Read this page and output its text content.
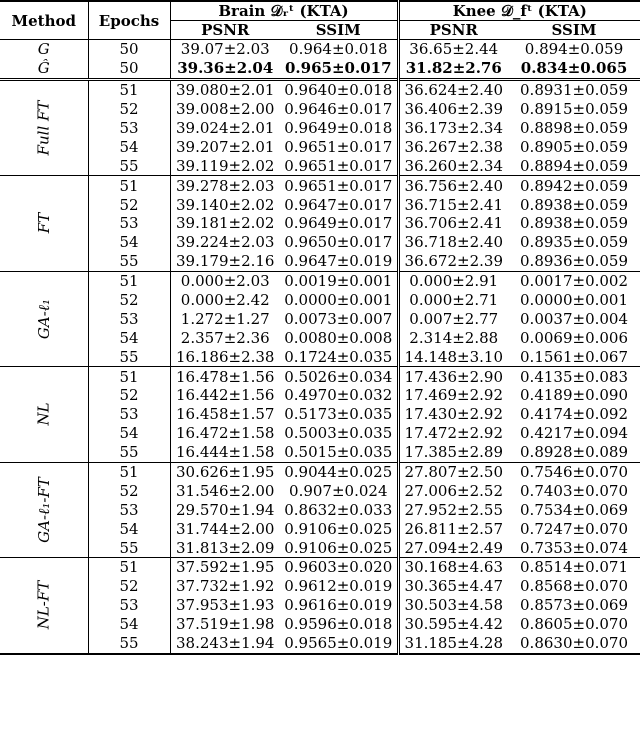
Method	Epochs	Brain 𝒟ᵣᵗ (KTA)		Knee 𝒟_fᵗ (KTA)	
		PSNR	SSIM	PSNR	SSIM
G	50	39.07±2.03	0.964±0.018	36.65±2.44	0.894±0.059
Ĝ	50	39.36±2.04	0.965±0.017	31.82±2.76	0.834±0.065
Full FT	51	39.080±2.01	0.9640±0.018	36.624±2.40	0.8931±0.059
	52	39.008±2.00	0.9646±0.017	36.406±2.39	0.8915±0.059
	53	39.024±2.01	0.9649±0.018	36.173±2.34	0.8898±0.059
	54	39.207±2.01	0.9651±0.017	36.267±2.38	0.8905±0.059
	55	39.119±2.02	0.9651±0.017	36.260±2.34	0.8894±0.059
FT	51	39.278±2.03	0.9651±0.017	36.756±2.40	0.8942±0.059
	52	39.140±2.02	0.9647±0.017	36.715±2.41	0.8938±0.059
	53	39.181±2.02	0.9649±0.017	36.706±2.41	0.8938±0.059
	54	39.224±2.03	0.9650±0.017	36.718±2.40	0.8935±0.059
	55	39.179±2.16	0.9647±0.019	36.672±2.39	0.8936±0.059
GA-ℓ₁	51	0.000±2.03	0.0019±0.001	0.000±2.91	0.0017±0.002
	52	0.000±2.42	0.0000±0.001	0.000±2.71	0.0000±0.001
	53	1.272±1.27	0.0073±0.007	0.007±2.77	0.0037±0.004
	54	2.357±2.36	0.0080±0.008	2.314±2.88	0.0069±0.006
	55	16.186±2.38	0.1724±0.035	14.148±3.10	0.1561±0.067
NL	51	16.478±1.56	0.5026±0.034	17.436±2.90	0.4135±0.083
	52	16.442±1.56	0.4970±0.032	17.469±2.92	0.4189±0.090
	53	16.458±1.57	0.5173±0.035	17.430±2.92	0.4174±0.092
	54	16.472±1.58	0.5003±0.035	17.472±2.92	0.4217±0.094
	55	16.444±1.58	0.5015±0.035	17.385±2.89	0.8928±0.089
GA-ℓ₁-FT	51	30.626±1.95	0.9044±0.025	27.807±2.50	0.7546±0.070
	52	31.546±2.00	0.907±0.024	27.006±2.52	0.7403±0.070
	53	29.570±1.94	0.8632±0.033	27.952±2.55	0.7534±0.069
	54	31.744±2.00	0.9106±0.025	26.811±2.57	0.7247±0.070
	55	31.813±2.09	0.9106±0.025	27.094±2.49	0.7353±0.074
NL-FT	51	37.592±1.95	0.9603±0.020	30.168±4.63	0.8514±0.071
	52	37.732±1.92	0.9612±0.019	30.365±4.47	0.8568±0.070
	53	37.953±1.93	0.9616±0.019	30.503±4.58	0.8573±0.069
	54	37.519±1.98	0.9596±0.018	30.595±4.42	0.8605±0.070
	55	38.243±1.94	0.9565±0.019	31.185±4.28	0.8630±0.070
